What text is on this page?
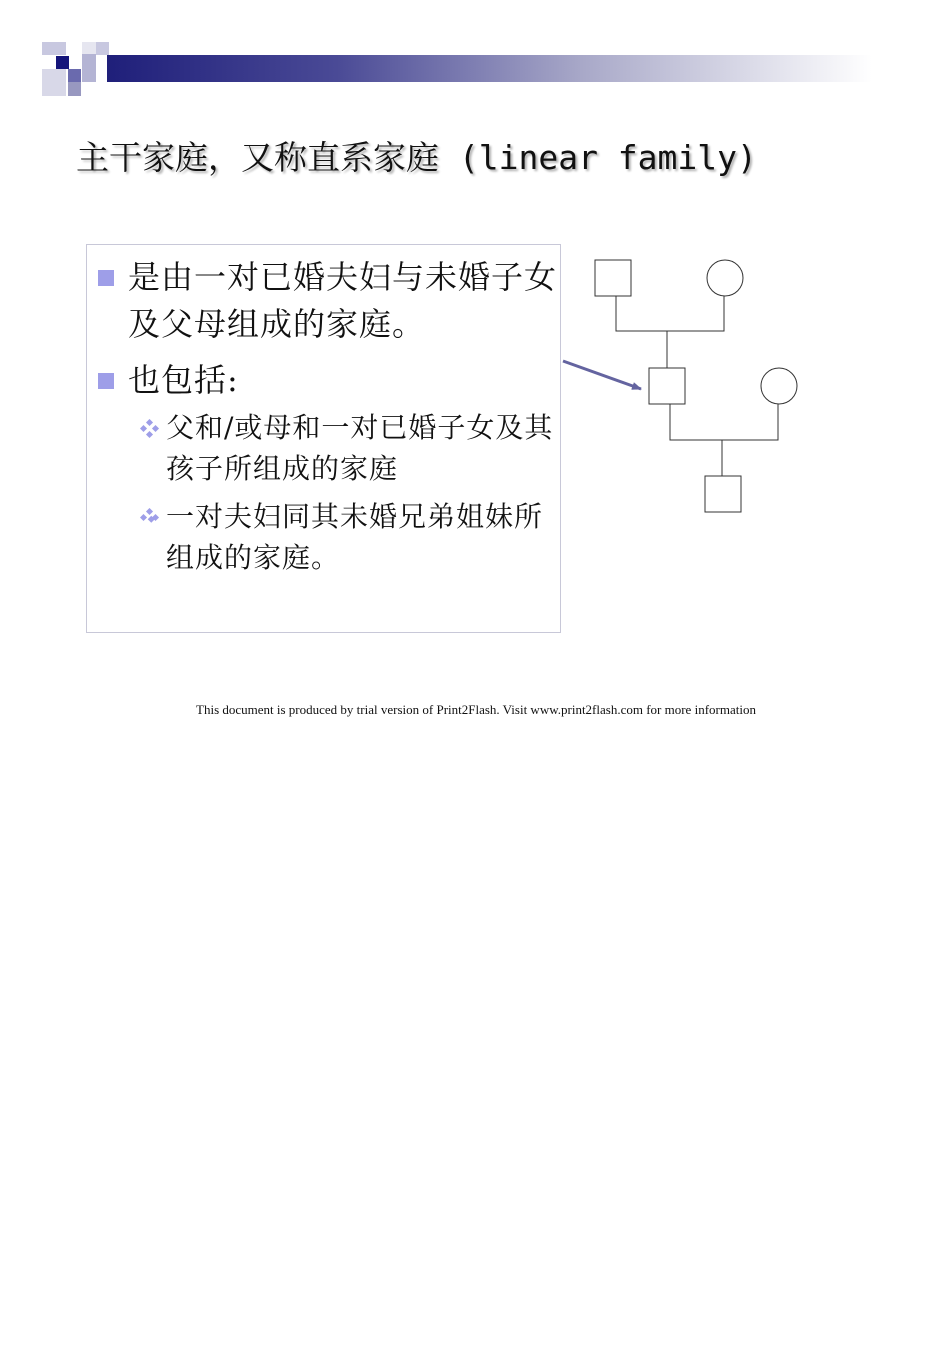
主干家庭，又称直系家庭 (linear family)
是由一对已婚夫妇与未婚子女及父母组成的家庭。
也包括:
父和/或母和一对已婚子女及其孩子所组成的家庭
一对夫妇同其未婚兄弟姐妹所组成的家庭。
This document is produced by trial version of Print2Flash. Visit www.print2flash.com for more information
